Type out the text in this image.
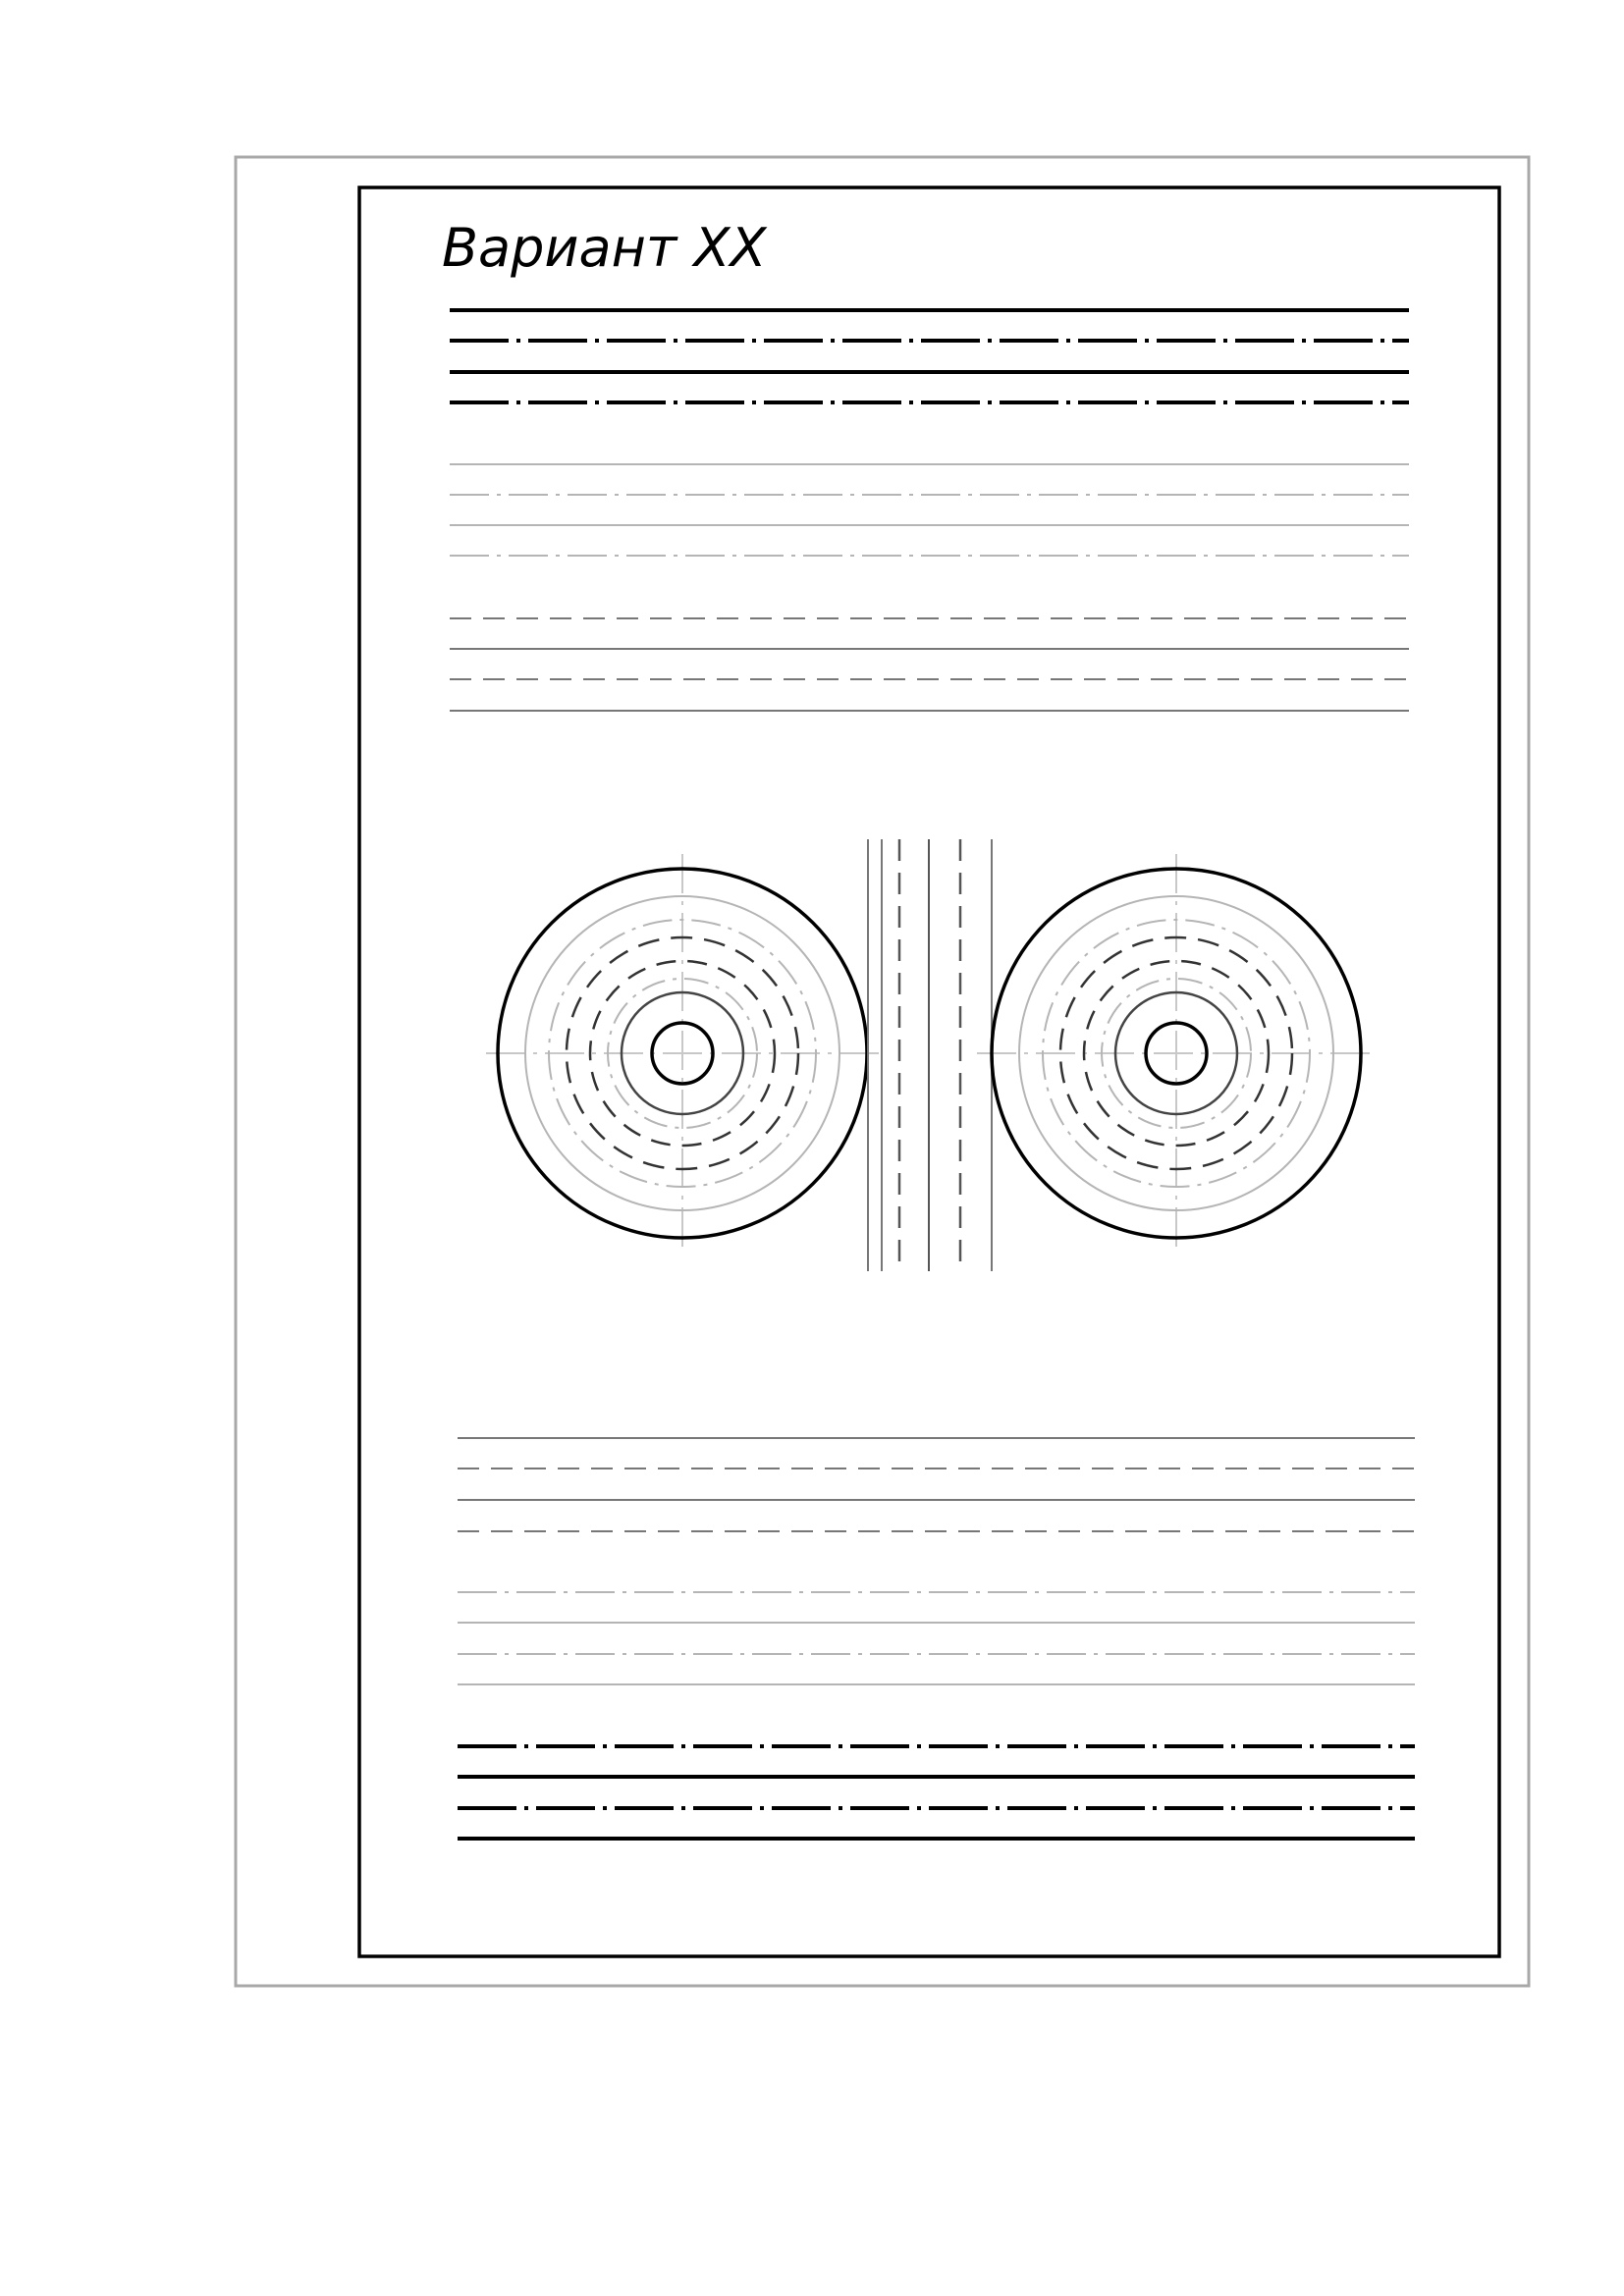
Вариант XX
